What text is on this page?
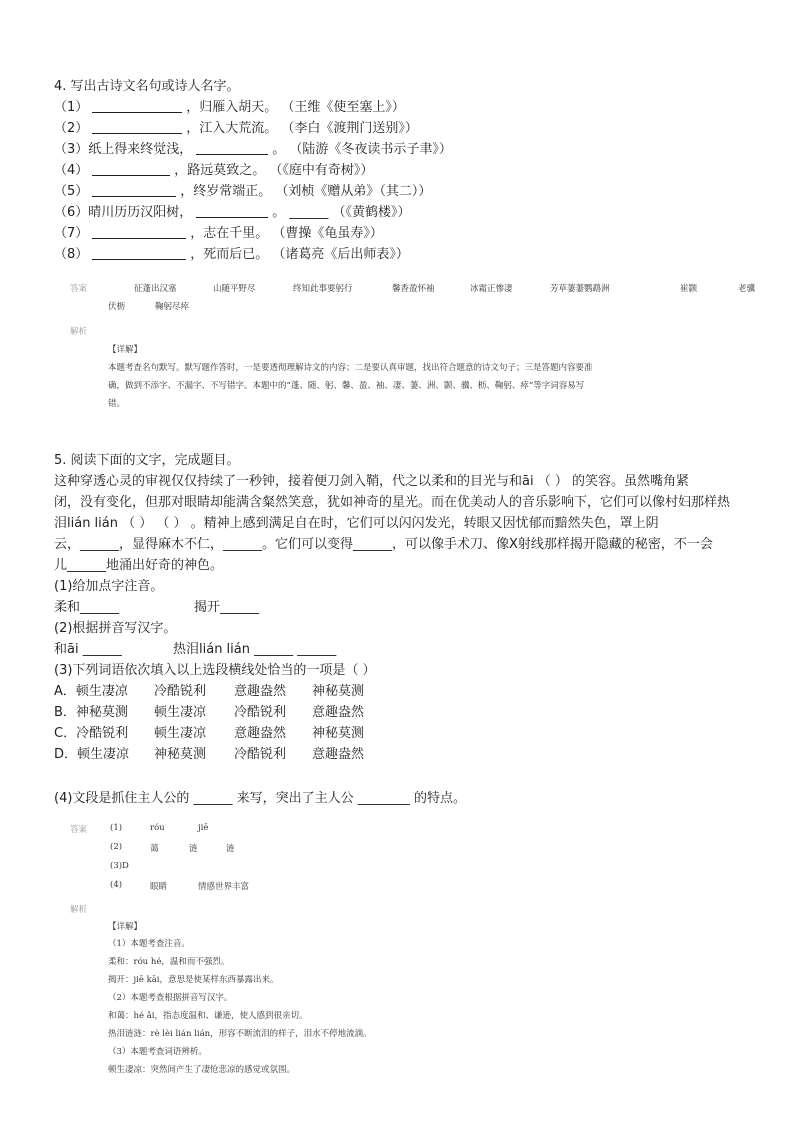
4. 写出古诗文名句或诗人名字。
（1）	，归雁入胡天。 （王维《使至塞上》）
（2）	，江入大荒流。 （李白《渡荆门送别》）
（3）纸上得来终觉浅，	。 （陆游《冬夜读书示子聿》）
（4）	，路远莫致之。 （《庭中有奇树》）
（5）	，终岁常端正。 （刘桢《赠从弟》（其二））
（6）晴川历历汉阳树，	。 ______ （《黄鹤楼》）
（7）	，志在千里。 （曹操《龟虽寿》）
（8）	，死而后已。 （诸葛亮《后出师表》）
答案	征蓬出汉塞	山随平野尽	终知此事要躬行	馨香盈怀袖	冰霜正惨凄	芳草萋萋鹦鹉洲	崔颢	老骥
伏枥	鞠躬尽瘁
解析
【详解】
本题考查名句默写。默写题作答时，一是要透彻理解诗文的内容；二是要认真审题，找出符合题意的诗文句子；三是答题内容要准
确，做到不添字、不漏字、不写错字。本题中的“蓬、随、躬、馨、盈、袖、凄、萋、洲、颢、骥、枥、鞠躬、瘁”等字词容易写
错。
5. 阅读下面的文字，完成题目。
这种穿透心灵的审视仅仅持续了一秒钟，接着便刀剑入鞘，代之以柔和的目光与和āi （ ） 的笑容。虽然嘴角紧
闭，没有变化，但那对眼睛却能满含粲然笑意，犹如神奇的星光。而在优美动人的音乐影响下，它们可以像村妇那样热
泪lián lián （ ） （ ） 。精神上感到满足自在时，它们可以闪闪发光，转眼又因忧郁而黯然失色，罩上阴
云，______，显得麻木不仁，______。它们可以变得______，可以像手术刀、像X射线那样揭开隐藏的秘密，不一会
儿______地涌出好奇的神色。
(1)给加点字注音。
柔和______	揭开______
(2)根据拼音写汉字。
和āi ______	热泪lián lián ______ ______
(3)下列词语依次填入以上选段横线处恰当的一项是（ ）
A．顿生凄凉 冷酷锐利 意趣盎然 神秘莫测
B．神秘莫测 顿生凄凉 冷酷锐利 意趣盎然
C．冷酷锐利 顿生凄凉 意趣盎然 神秘莫测
D．顿生凄凉 神秘莫测 冷酷锐利 意趣盎然
(4)文段是抓住主人公的 ______ 来写，突出了主人公 ________ 的特点。
答案	(1)	róu	jiē
(2)	蔼	涟	涟
(3)D
(4)	眼睛	情感世界丰富
解析
【详解】
（1）本题考查注音。
柔和：róu hé，温和而不强烈。
揭开：jiē kāi，意思是使某样东西暴露出来。
（2）本题考查根据拼音写汉字。
和蔼：hé ǎi，指态度温和、谦逊，使人感到很亲切。
热泪涟涟：rè lèi lián lián，形容不断流泪的样子，泪水不停地流淌。
（3）本题考查词语辨析。
顿生凄凉：突然间产生了凄怆悲凉的感觉或氛围。
